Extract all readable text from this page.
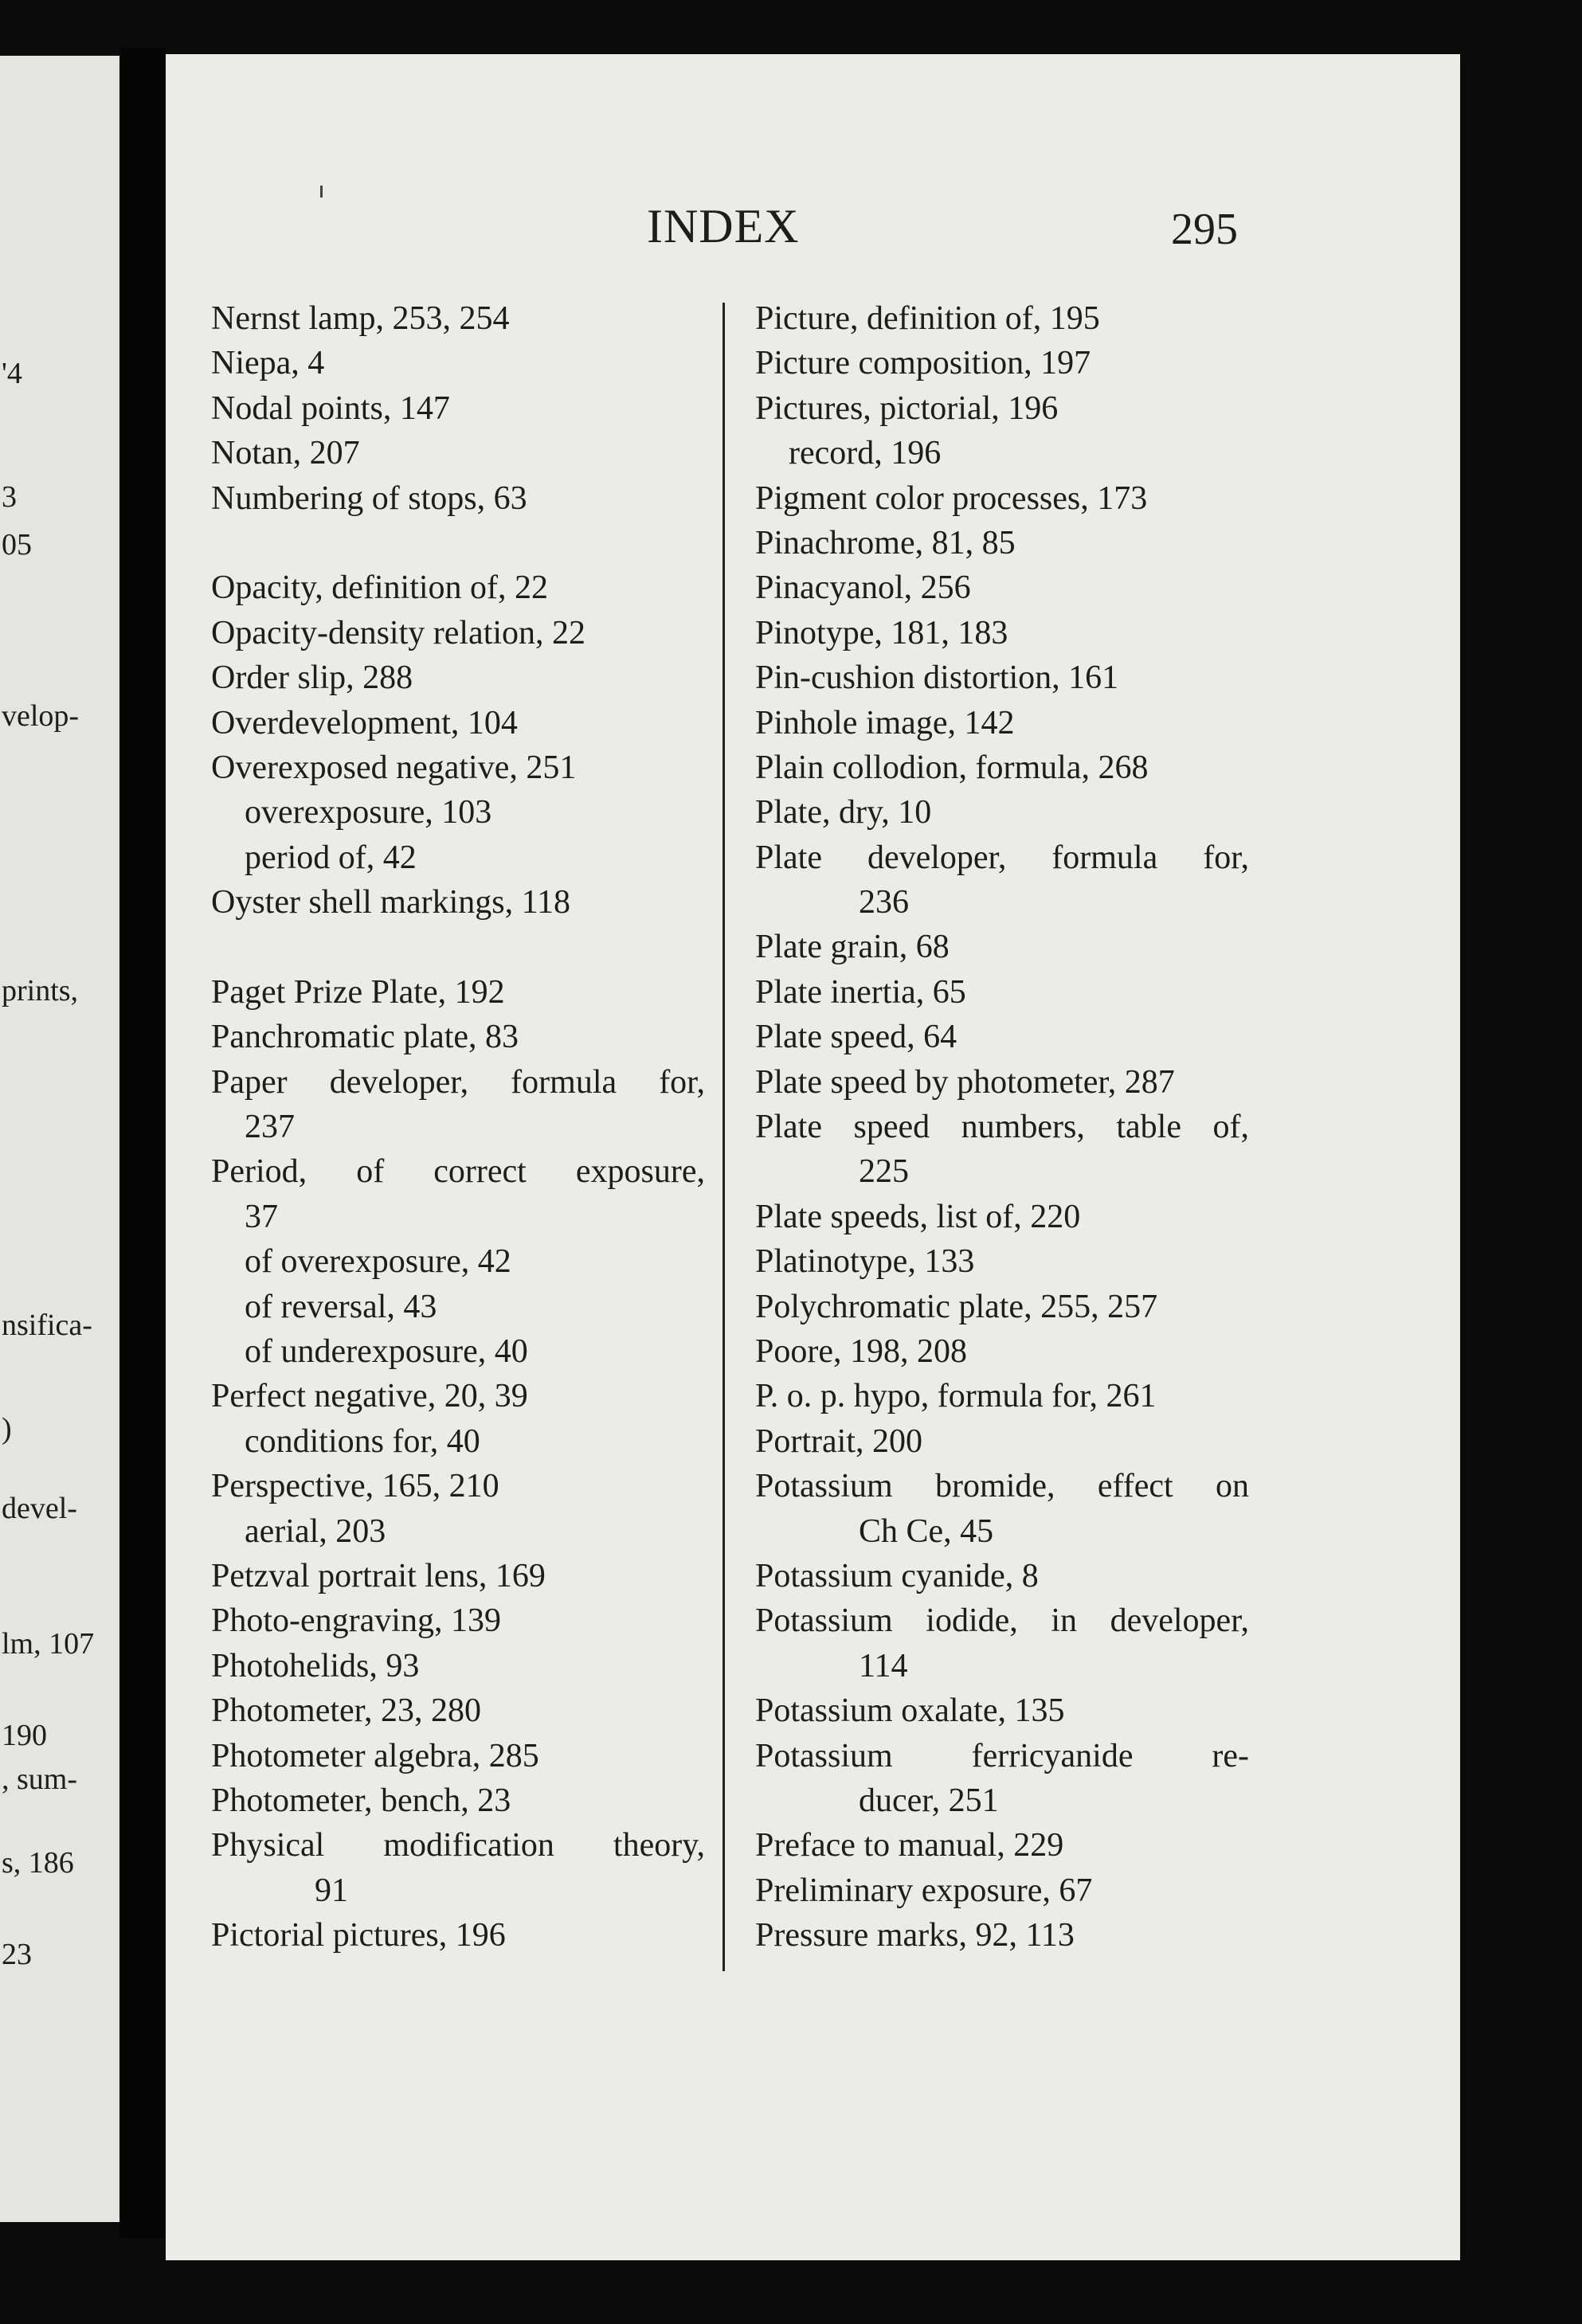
'4
3
05
velop-
prints,
nsifica-
)
devel-
lm, 107
190
, sum-
s, 186
23
INDEX	295
Nernst lamp, 253, 254
Niepa, 4
Nodal points, 147
Notan, 207
Numbering of stops, 63
Opacity, definition of, 22
Opacity-density relation, 22
Order slip, 288
Overdevelopment, 104
Overexposed negative, 251
overexposure, 103
period of, 42
Oyster shell markings, 118
Paget Prize Plate, 192
Panchromatic plate, 83
Paper developer, formula for,
237
Period, of correct exposure,
37
of overexposure, 42
of reversal, 43
of underexposure, 40
Perfect negative, 20, 39
conditions for, 40
Perspective, 165, 210
aerial, 203
Petzval portrait lens, 169
Photo-engraving, 139
Photohelids, 93
Photometer, 23, 280
Photometer algebra, 285
Photometer, bench, 23
Physical modification theory,
91
Pictorial pictures, 196
Picture, definition of, 195
Picture composition, 197
Pictures, pictorial, 196
record, 196
Pigment color processes, 173
Pinachrome, 81, 85
Pinacyanol, 256
Pinotype, 181, 183
Pin-cushion distortion, 161
Pinhole image, 142
Plain collodion, formula, 268
Plate, dry, 10
Plate developer, formula for,
236
Plate grain, 68
Plate inertia, 65
Plate speed, 64
Plate speed by photometer, 287
Plate speed numbers, table of,
225
Plate speeds, list of, 220
Platinotype, 133
Polychromatic plate, 255, 257
Poore, 198, 208
P. o. p. hypo, formula for, 261
Portrait, 200
Potassium bromide, effect on
Ch Ce, 45
Potassium cyanide, 8
Potassium iodide, in developer,
114
Potassium oxalate, 135
Potassium ferricyanide re-
ducer, 251
Preface to manual, 229
Preliminary exposure, 67
Pressure marks, 92, 113
